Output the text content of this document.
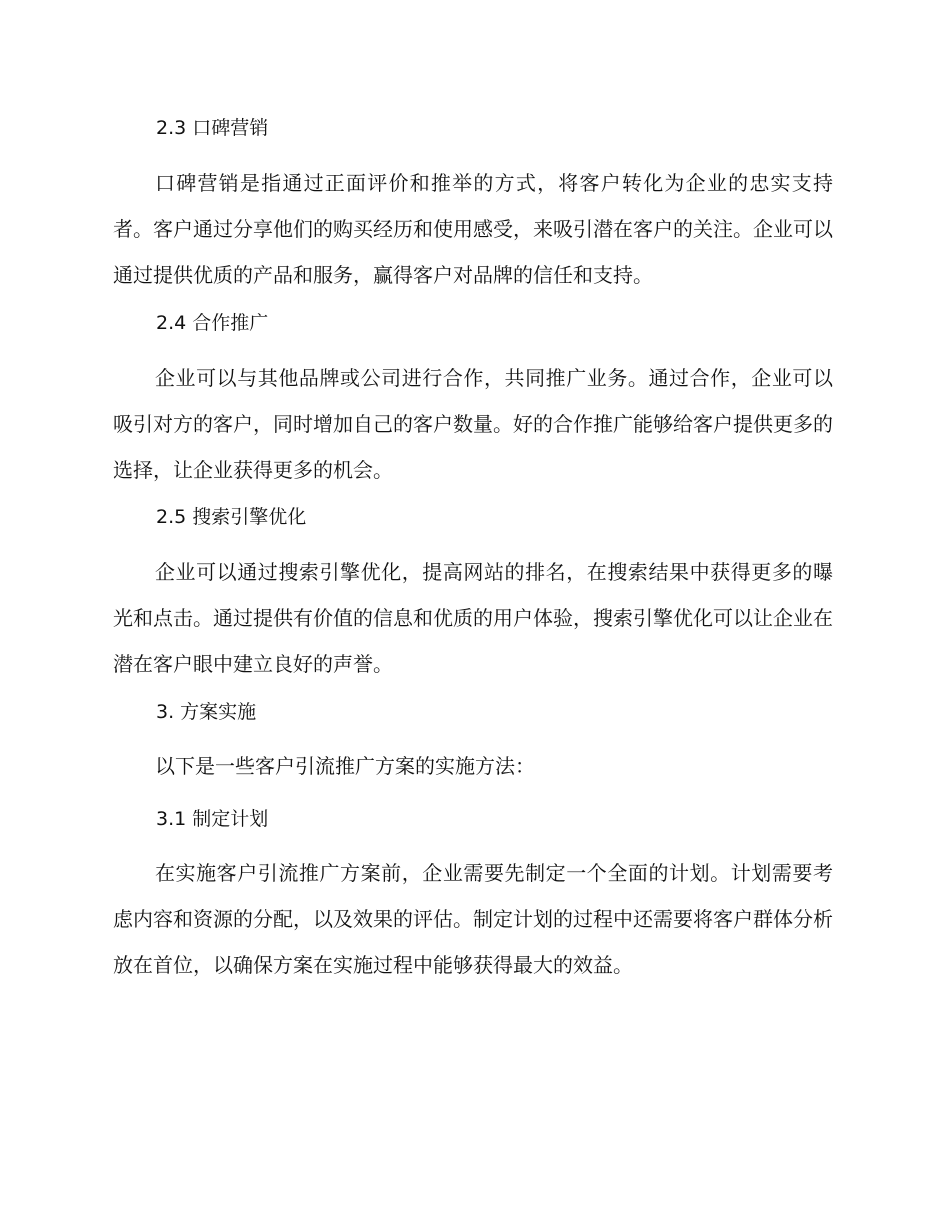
2.3 口碑营销

口碑营销是指通过正面评价和推举的方式，将客户转化为企业的忠实支持者。客户通过分享他们的购买经历和使用感受，来吸引潜在客户的关注。企业可以通过提供优质的产品和服务，赢得客户对品牌的信任和支持。

2.4 合作推广

企业可以与其他品牌或公司进行合作，共同推广业务。通过合作，企业可以吸引对方的客户，同时增加自己的客户数量。好的合作推广能够给客户提供更多的选择，让企业获得更多的机会。

2.5 搜索引擎优化

企业可以通过搜索引擎优化，提高网站的排名，在搜索结果中获得更多的曝光和点击。通过提供有价值的信息和优质的用户体验，搜索引擎优化可以让企业在潜在客户眼中建立良好的声誉。

3. 方案实施

以下是一些客户引流推广方案的实施方法：

3.1 制定计划

在实施客户引流推广方案前，企业需要先制定一个全面的计划。计划需要考虑内容和资源的分配，以及效果的评估。制定计划的过程中还需要将客户群体分析放在首位，以确保方案在实施过程中能够获得最大的效益。
